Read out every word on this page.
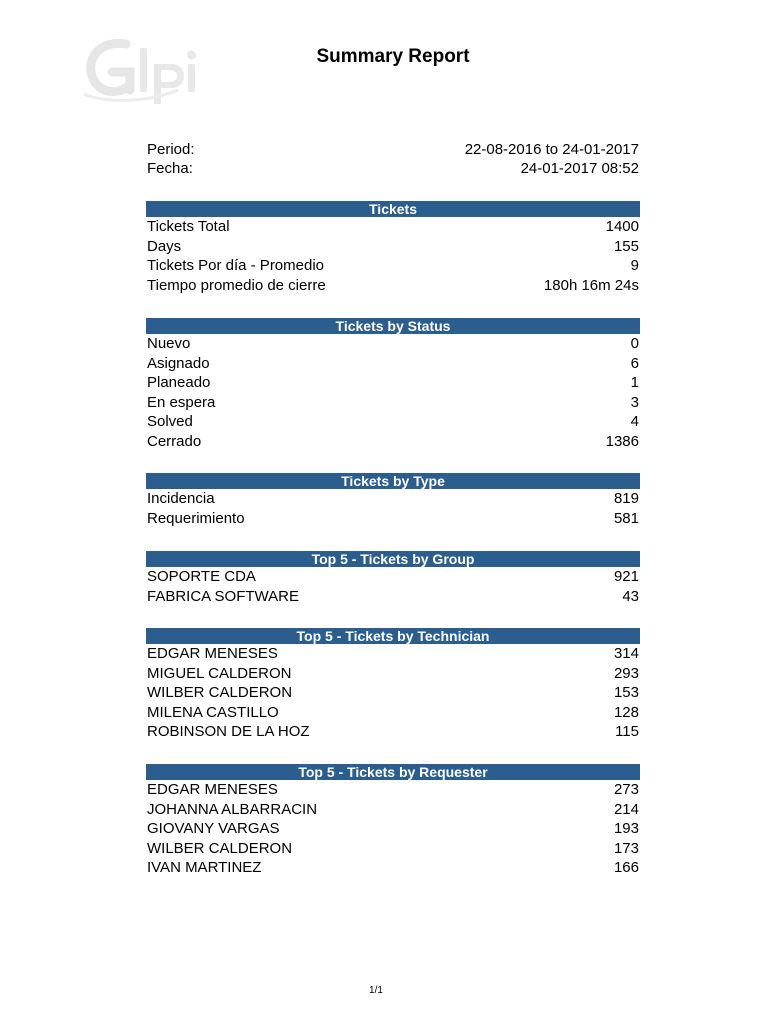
Summary Report
Period:	22-08-2016 to 24-01-2017
Fecha:	24-01-2017 08:52
Tickets
Tickets Total	1400
Days	155
Tickets Por día - Promedio	9
Tiempo promedio de cierre	180h 16m 24s
Tickets by Status
Nuevo	0
Asignado	6
Planeado	1
En espera	3
Solved	4
Cerrado	1386
Tickets by Type
Incidencia	819
Requerimiento	581
Top 5 - Tickets by Group
SOPORTE CDA	921
FABRICA SOFTWARE	43
Top 5 - Tickets by Technician
EDGAR MENESES	314
MIGUEL CALDERON	293
WILBER CALDERON	153
MILENA CASTILLO	128
ROBINSON DE LA HOZ	115
Top 5 - Tickets by Requester
EDGAR MENESES	273
JOHANNA ALBARRACIN	214
GIOVANY VARGAS	193
WILBER CALDERON	173
IVAN MARTINEZ	166
1/1
